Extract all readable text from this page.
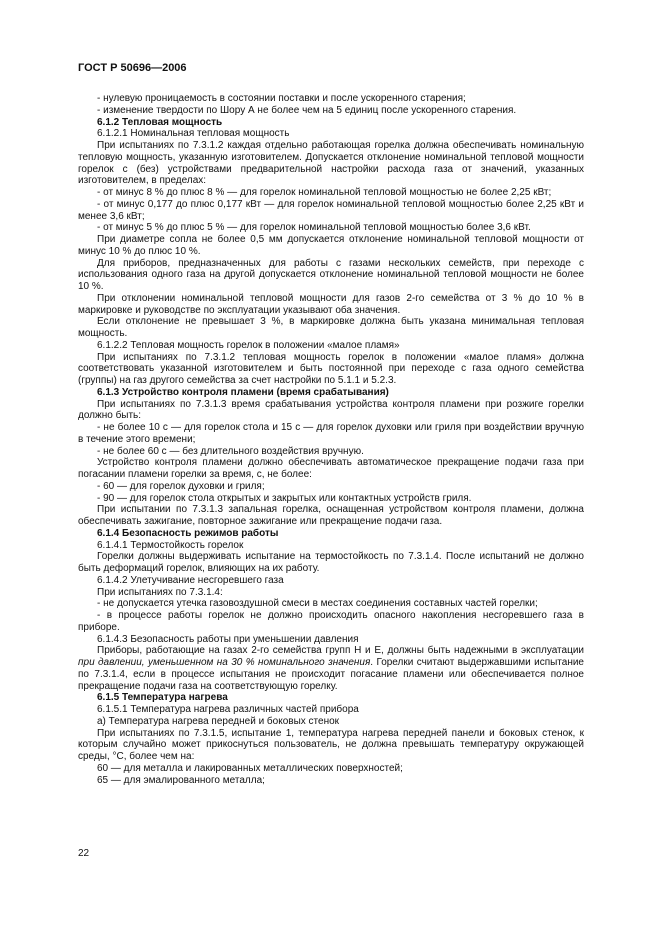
ГОСТ Р 50696—2006

- нулевую проницаемость в состоянии поставки и после ускоренного старения;

- изменение твердости по Шору А не более чем на 5 единиц после ускоренного старения.

6.1.2 Тепловая мощность

6.1.2.1 Номинальная тепловая мощность

При испытаниях по 7.3.1.2 каждая отдельно работающая горелка должна обеспечивать номинальную тепловую мощность, указанную изготовителем. Допускается отклонение номинальной тепловой мощности горелок с (без) устройствами предварительной настройки расхода газа от значений, указанных изготовителем, в пределах:

- от минус 8 % до плюс 8 % — для горелок номинальной тепловой мощностью не более 2,25 кВт;

- от минус 0,177 до плюс 0,177 кВт — для горелок номинальной тепловой мощностью более 2,25 кВт и менее 3,6 кВт;

- от минус 5 % до плюс 5 % — для горелок номинальной тепловой мощностью более 3,6 кВт.

При диаметре сопла не более 0,5 мм допускается отклонение номинальной тепловой мощности от минус 10 % до плюс 10 %.

Для приборов, предназначенных для работы с газами нескольких семейств, при переходе с использования одного газа на другой допускается отклонение номинальной тепловой мощности не более 10 %.

При отклонении номинальной тепловой мощности для газов 2-го семейства от 3 % до 10 % в маркировке и руководстве по эксплуатации указывают оба значения.

Если отклонение не превышает 3 %, в маркировке должна быть указана минимальная тепловая мощность.

6.1.2.2 Тепловая мощность горелок в положении «малое пламя»

При испытаниях по 7.3.1.2 тепловая мощность горелок в положении «малое пламя» должна соответствовать указанной изготовителем и быть постоянной при переходе с газа одного семейства (группы) на газ другого семейства за счет настройки по 5.1.1 и 5.2.3.

6.1.3 Устройство контроля пламени (время срабатывания)

При испытаниях по 7.3.1.3 время срабатывания устройства контроля пламени при розжиге горелки должно быть:

- не более 10 с — для горелок стола и 15 с — для горелок духовки или гриля при воздействии вручную в течение этого времени;

- не более 60 с — без длительного воздействия вручную.

Устройство контроля пламени должно обеспечивать автоматическое прекращение подачи газа при погасании пламени горелки за время, с, не более:

- 60 — для горелок духовки и гриля;

- 90 — для горелок стола открытых и закрытых или контактных устройств гриля.

При испытании по 7.3.1.3 запальная горелка, оснащенная устройством контроля пламени, должна обеспечивать зажигание, повторное зажигание или прекращение подачи газа.

6.1.4 Безопасность режимов работы

6.1.4.1 Термостойкость горелок

Горелки должны выдерживать испытание на термостойкость по 7.3.1.4. После испытаний не должно быть деформаций горелок, влияющих на их работу.

6.1.4.2 Улетучивание несгоревшего газа

При испытаниях по 7.3.1.4:

- не допускается утечка газовоздушной смеси в местах соединения составных частей горелки;

- в процессе работы горелок не должно происходить опасного накопления несгоревшего газа в приборе.

6.1.4.3 Безопасность работы при уменьшении давления

Приборы, работающие на газах 2-го семейства групп Н и Е, должны быть надежными в эксплуатации при давлении, уменьшенном на 30 % номинального значения. Горелки считают выдержавшими испытание по 7.3.1.4, если в процессе испытания не происходит погасание пламени или обеспечивается полное прекращение подачи газа на соответствующую горелку.

6.1.5 Температура нагрева

6.1.5.1 Температура нагрева различных частей прибора

а) Температура нагрева передней и боковых стенок

При испытаниях по 7.3.1.5, испытание 1, температура нагрева передней панели и боковых стенок, к которым случайно может прикоснуться пользователь, не должна превышать температуру окружающей среды, °С, более чем на:

60 — для металла и лакированных металлических поверхностей;

65 — для эмалированного металла;

22
